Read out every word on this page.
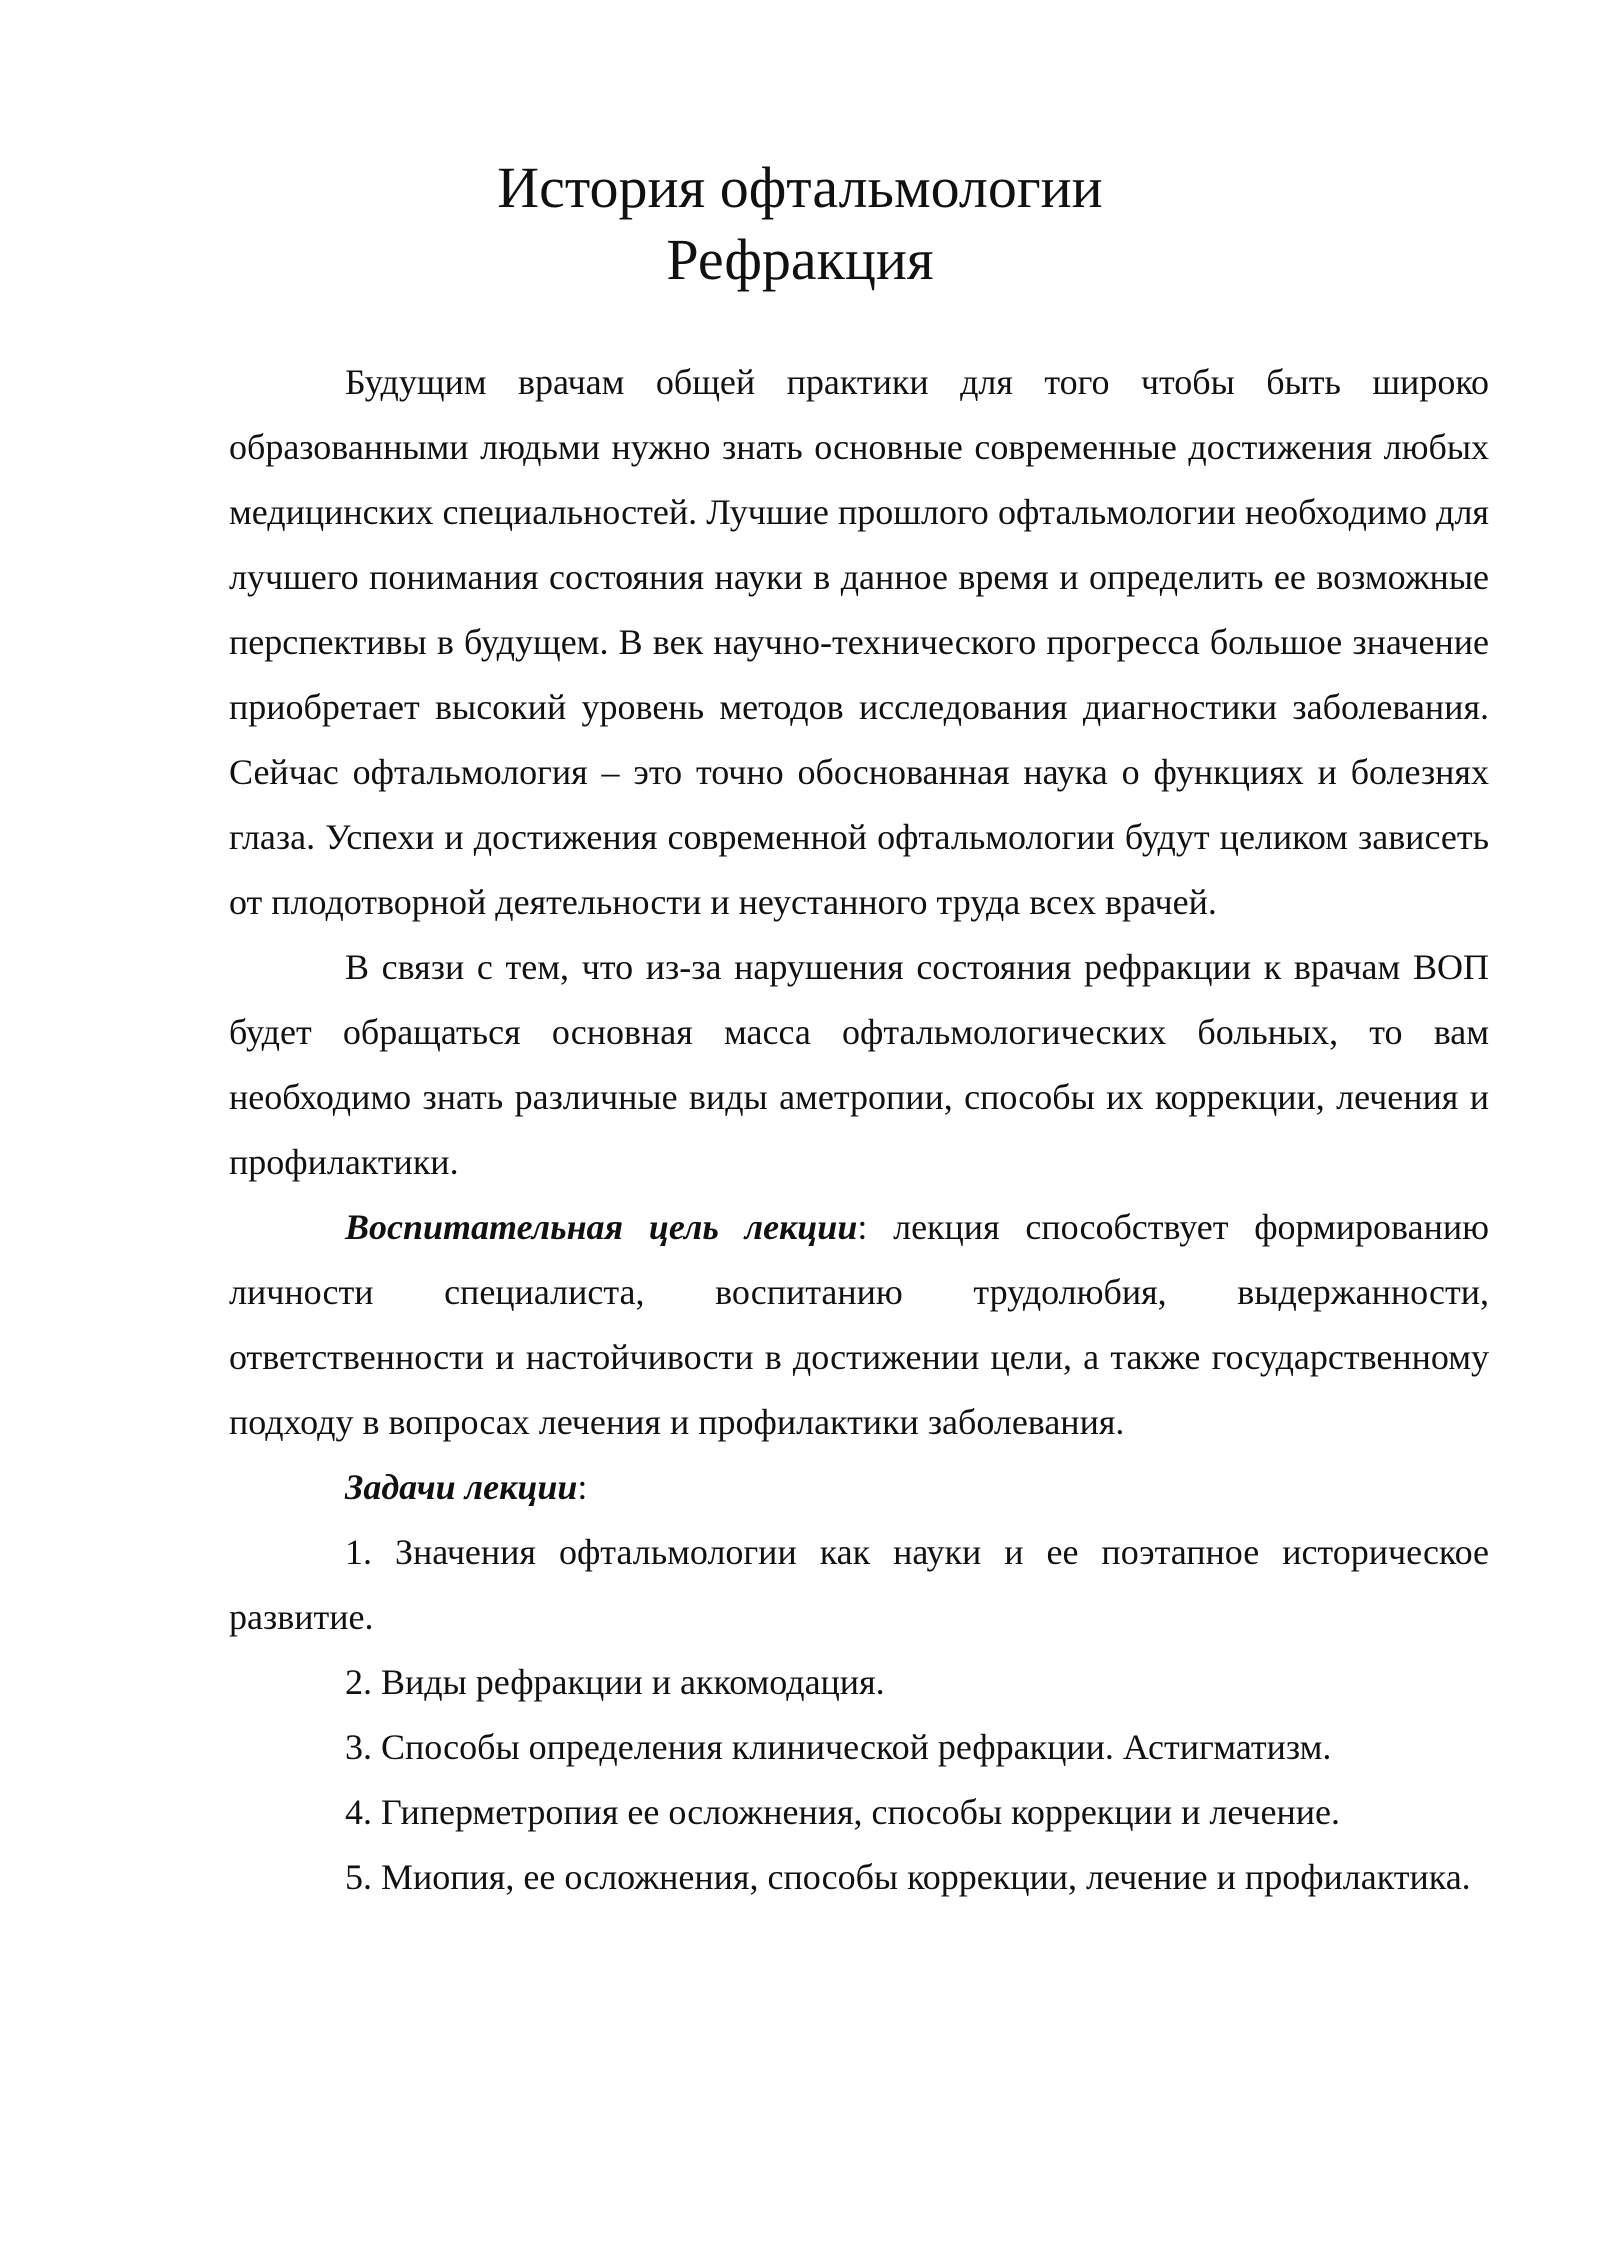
История офтальмологии
Рефракция

Будущим врачам общей практики для того чтобы быть широко образованными людьми нужно знать основные современные достижения любых медицинских специальностей. Лучшие прошлого офтальмологии необходимо для лучшего понимания состояния науки в данное время и определить ее возможные перспективы в будущем. В век научно-технического прогресса большое значение приобретает высокий уровень методов исследования диагностики заболевания. Сейчас офтальмология – это точно обоснованная наука о функциях и болезнях глаза. Успехи и достижения современной офтальмологии будут целиком зависеть от плодотворной деятельности и неустанного труда всех врачей.

В связи с тем, что из-за нарушения состояния рефракции к врачам ВОП будет обращаться основная масса офтальмологических больных, то вам необходимо знать различные виды аметропии, способы их коррекции, лечения и профилактики.

Воспитательная цель лекции: лекция способствует формированию личности специалиста, воспитанию трудолюбия, выдержанности, ответственности и настойчивости в достижении цели, а также государственному подходу в вопросах лечения и профилактики заболевания.

Задачи лекции:

1. Значения офтальмологии как науки и ее поэтапное историческое развитие.

2. Виды рефракции и аккомодация.

3. Способы определения клинической рефракции. Астигматизм.

4. Гиперметропия ее осложнения, способы коррекции и лечение.

5. Миопия, ее осложнения, способы коррекции, лечение и профилактика.
